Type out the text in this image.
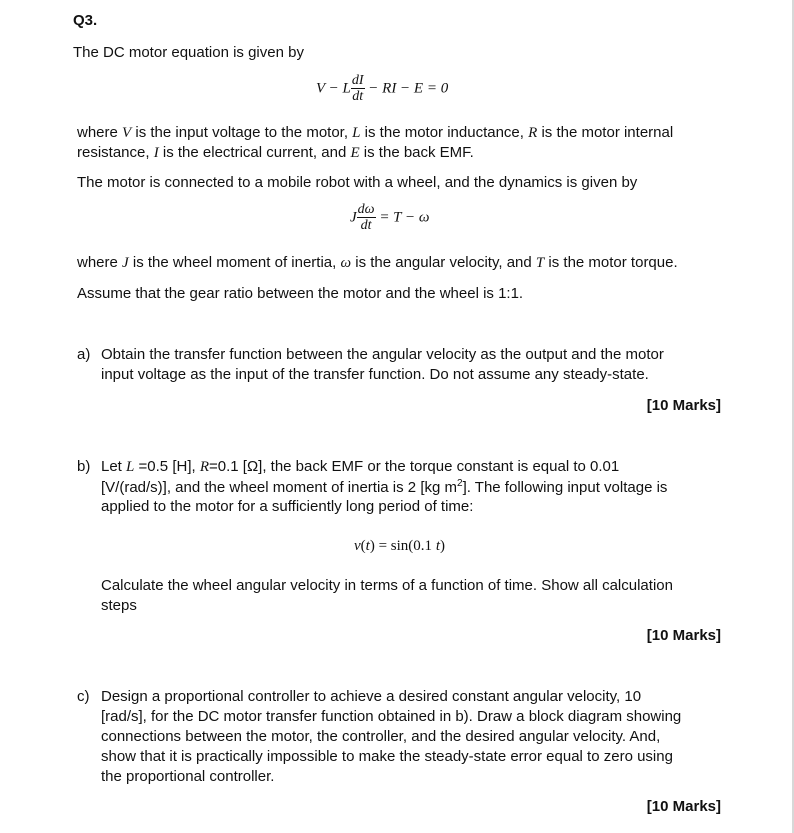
Q3.
The DC motor equation is given by
V − L $\frac{dI}{dt}$ − RI − E = 0
where V is the input voltage to the motor, L is the motor inductance, R is the motor internal
resistance, I is the electrical current, and E is the back EMF.
The motor is connected to a mobile robot with a wheel, and the dynamics is given by
J $\frac{d\omega}{dt} = T - \omega$
where J is the wheel moment of inertia, ω is the angular velocity, and T is the motor torque.
Assume that the gear ratio between the motor and the wheel is 1:1.
a) Obtain the transfer function between the angular velocity as the output and the motor
input voltage as the input of the transfer function. Do not assume any steady-state.
[10 Marks]
b) Let L =0.5 [H], R=0.1 [Ω], the back EMF or the torque constant is equal to 0.01
[V/(rad/s)], and the wheel moment of inertia is 2 [kg $m^2$]. The following input voltage is
applied to the motor for a sufficiently long period of time:
v(t) = sin(0.1 t)
Calculate the wheel angular velocity in terms of a function of time. Show all calculation
steps
[10 Marks]
c) Design a proportional controller to achieve a desired constant angular velocity, 10
[rad/s], for the DC motor transfer function obtained in b). Draw a block diagram showing
connections between the motor, the controller, and the desired angular velocity. And,
show that it is practically impossible to make the steady-state error equal to zero using
the proportional controller.
[10 Marks]
